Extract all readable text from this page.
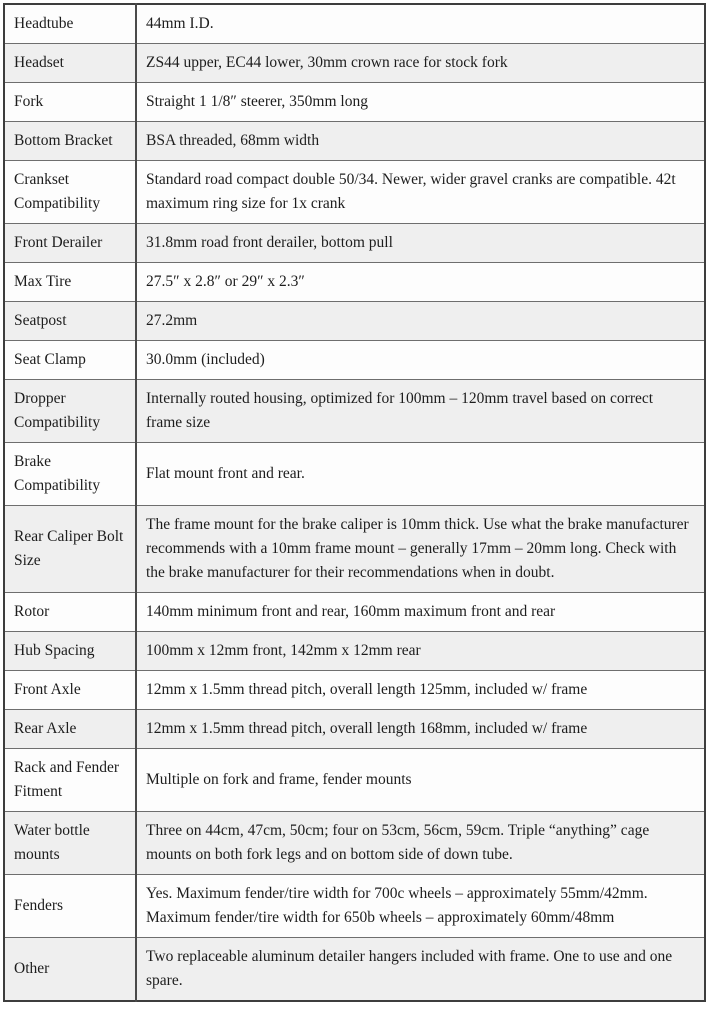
Headtube	44mm I.D.
Headset	ZS44 upper, EC44 lower, 30mm crown race for stock fork
Fork	Straight 1 1/8″ steerer, 350mm long
Bottom Bracket	BSA threaded, 68mm width
Crankset Compatibility	Standard road compact double 50/34. Newer, wider gravel cranks are compatible. 42t maximum ring size for 1x crank
Front Derailer	31.8mm road front derailer, bottom pull
Max Tire	27.5″ x 2.8″ or 29″ x 2.3″
Seatpost	27.2mm
Seat Clamp	30.0mm (included)
Dropper Compatibility	Internally routed housing, optimized for 100mm – 120mm travel based on correct frame size
Brake Compatibility	Flat mount front and rear.
Rear Caliper Bolt Size	The frame mount for the brake caliper is 10mm thick. Use what the brake manufacturer recommends with a 10mm frame mount – generally 17mm – 20mm long. Check with the brake manufacturer for their recommendations when in doubt.
Rotor	140mm minimum front and rear, 160mm maximum front and rear
Hub Spacing	100mm x 12mm front, 142mm x 12mm rear
Front Axle	12mm x 1.5mm thread pitch, overall length 125mm, included w/ frame
Rear Axle	12mm x 1.5mm thread pitch, overall length 168mm, included w/ frame
Rack and Fender Fitment	Multiple on fork and frame, fender mounts
Water bottle mounts	Three on 44cm, 47cm, 50cm; four on 53cm, 56cm, 59cm. Triple “anything” cage mounts on both fork legs and on bottom side of down tube.
Fenders	Yes. Maximum fender/tire width for 700c wheels – approximately 55mm/42mm. Maximum fender/tire width for 650b wheels – approximately 60mm/48mm
Other	Two replaceable aluminum detailer hangers included with frame. One to use and one spare.
